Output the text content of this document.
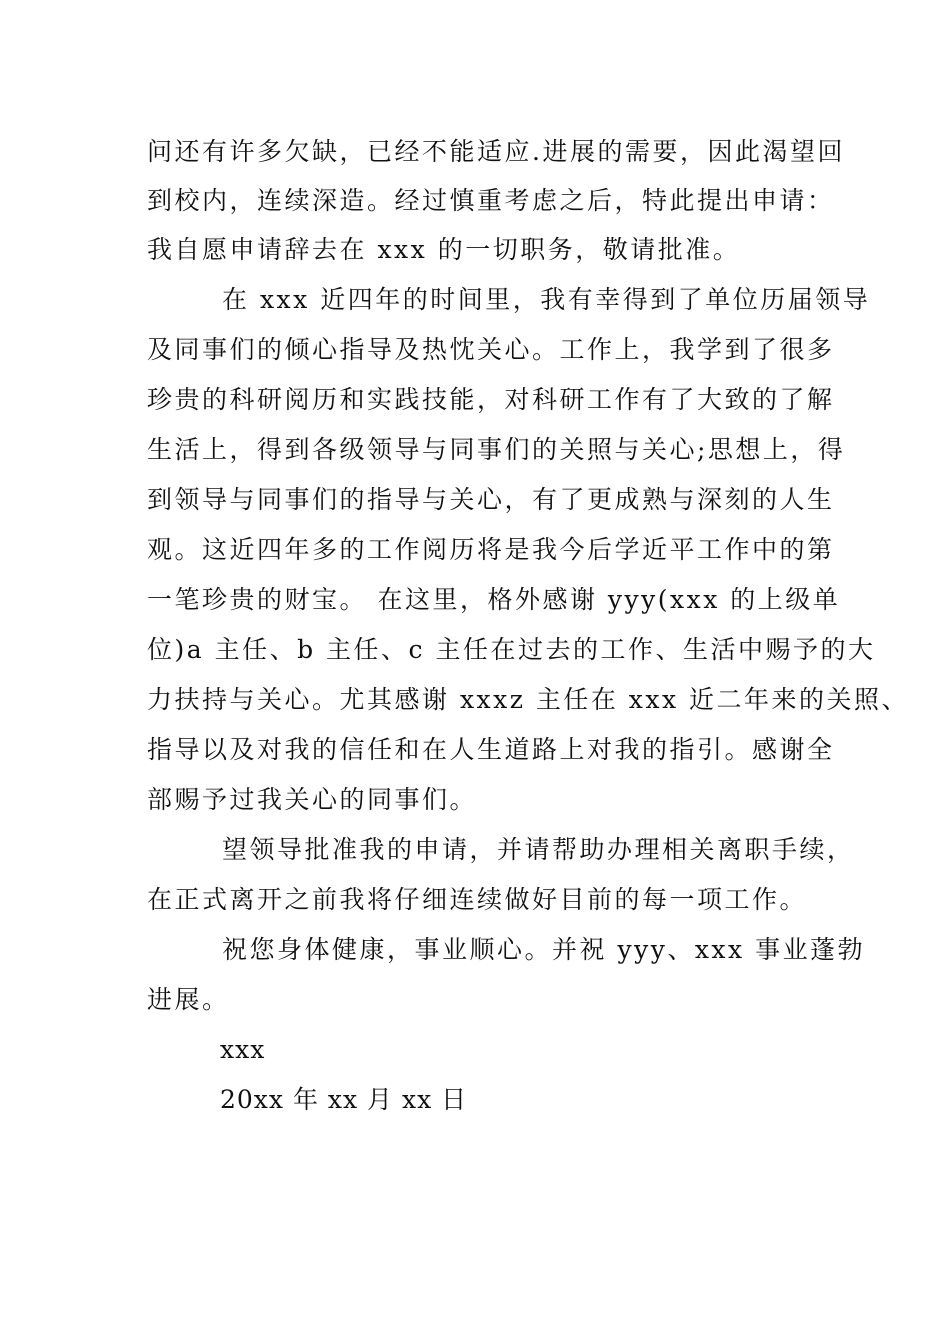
问还有许多欠缺，已经不能适应.进展的需要，因此渴望回
到校内，连续深造。经过慎重考虑之后，特此提出申请：
我自愿申请辞去在 xxx 的一切职务，敬请批准。
在 xxx 近四年的时间里，我有幸得到了单位历届领导
及同事们的倾心指导及热忱关心。工作上，我学到了很多
珍贵的科研阅历和实践技能，对科研工作有了大致的了解
生活上，得到各级领导与同事们的关照与关心;思想上，得
到领导与同事们的指导与关心，有了更成熟与深刻的人生
观。这近四年多的工作阅历将是我今后学近平工作中的第
一笔珍贵的财宝。 在这里，格外感谢 yyy(xxx 的上级单
位)a 主任、b 主任、c 主任在过去的工作、生活中赐予的大
力扶持与关心。尤其感谢 xxxz 主任在 xxx 近二年来的关照、
指导以及对我的信任和在人生道路上对我的指引。感谢全
部赐予过我关心的同事们。
望领导批准我的申请，并请帮助办理相关离职手续，
在正式离开之前我将仔细连续做好目前的每一项工作。
祝您身体健康，事业顺心。并祝 yyy、xxx 事业蓬勃
进展。
xxx
20xx 年 xx 月 xx 日
